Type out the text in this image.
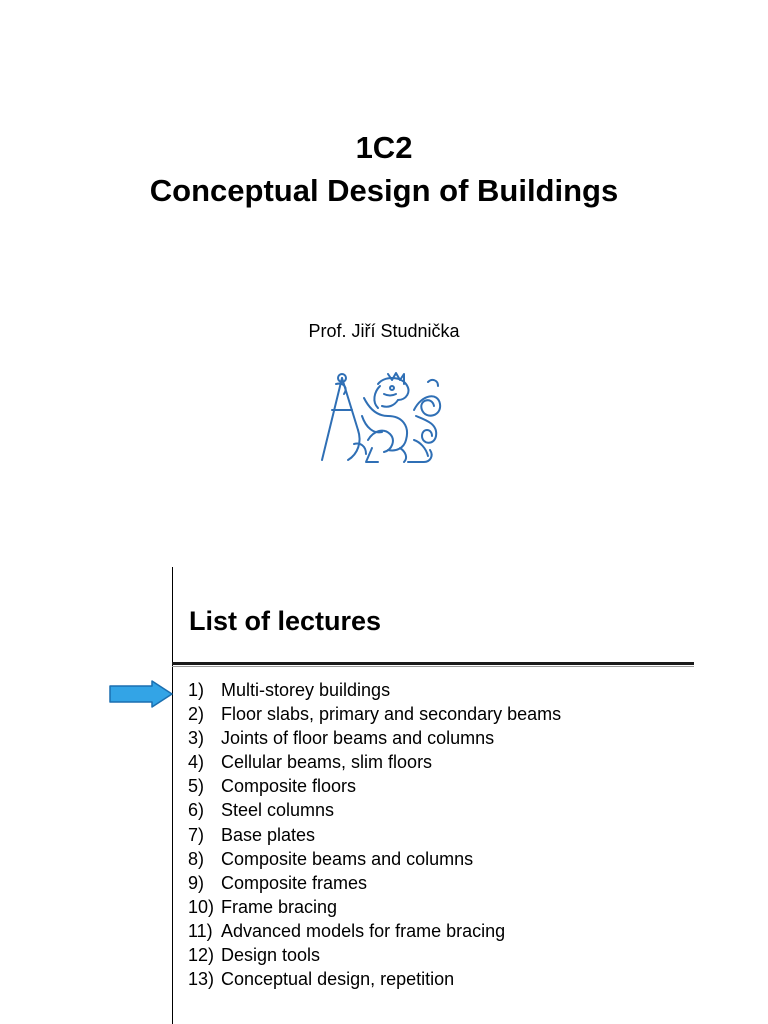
1C2
Conceptual Design of Buildings
Prof. Jiří Studnička
List of lectures
1) Multi-storey buildings
2) Floor slabs, primary and secondary beams
3) Joints of floor beams and columns
4) Cellular beams, slim floors
5) Composite floors
6) Steel columns
7) Base plates
8) Composite beams and columns
9) Composite frames
10) Frame bracing
11) Advanced models for frame bracing
12) Design tools
13) Conceptual design, repetition
